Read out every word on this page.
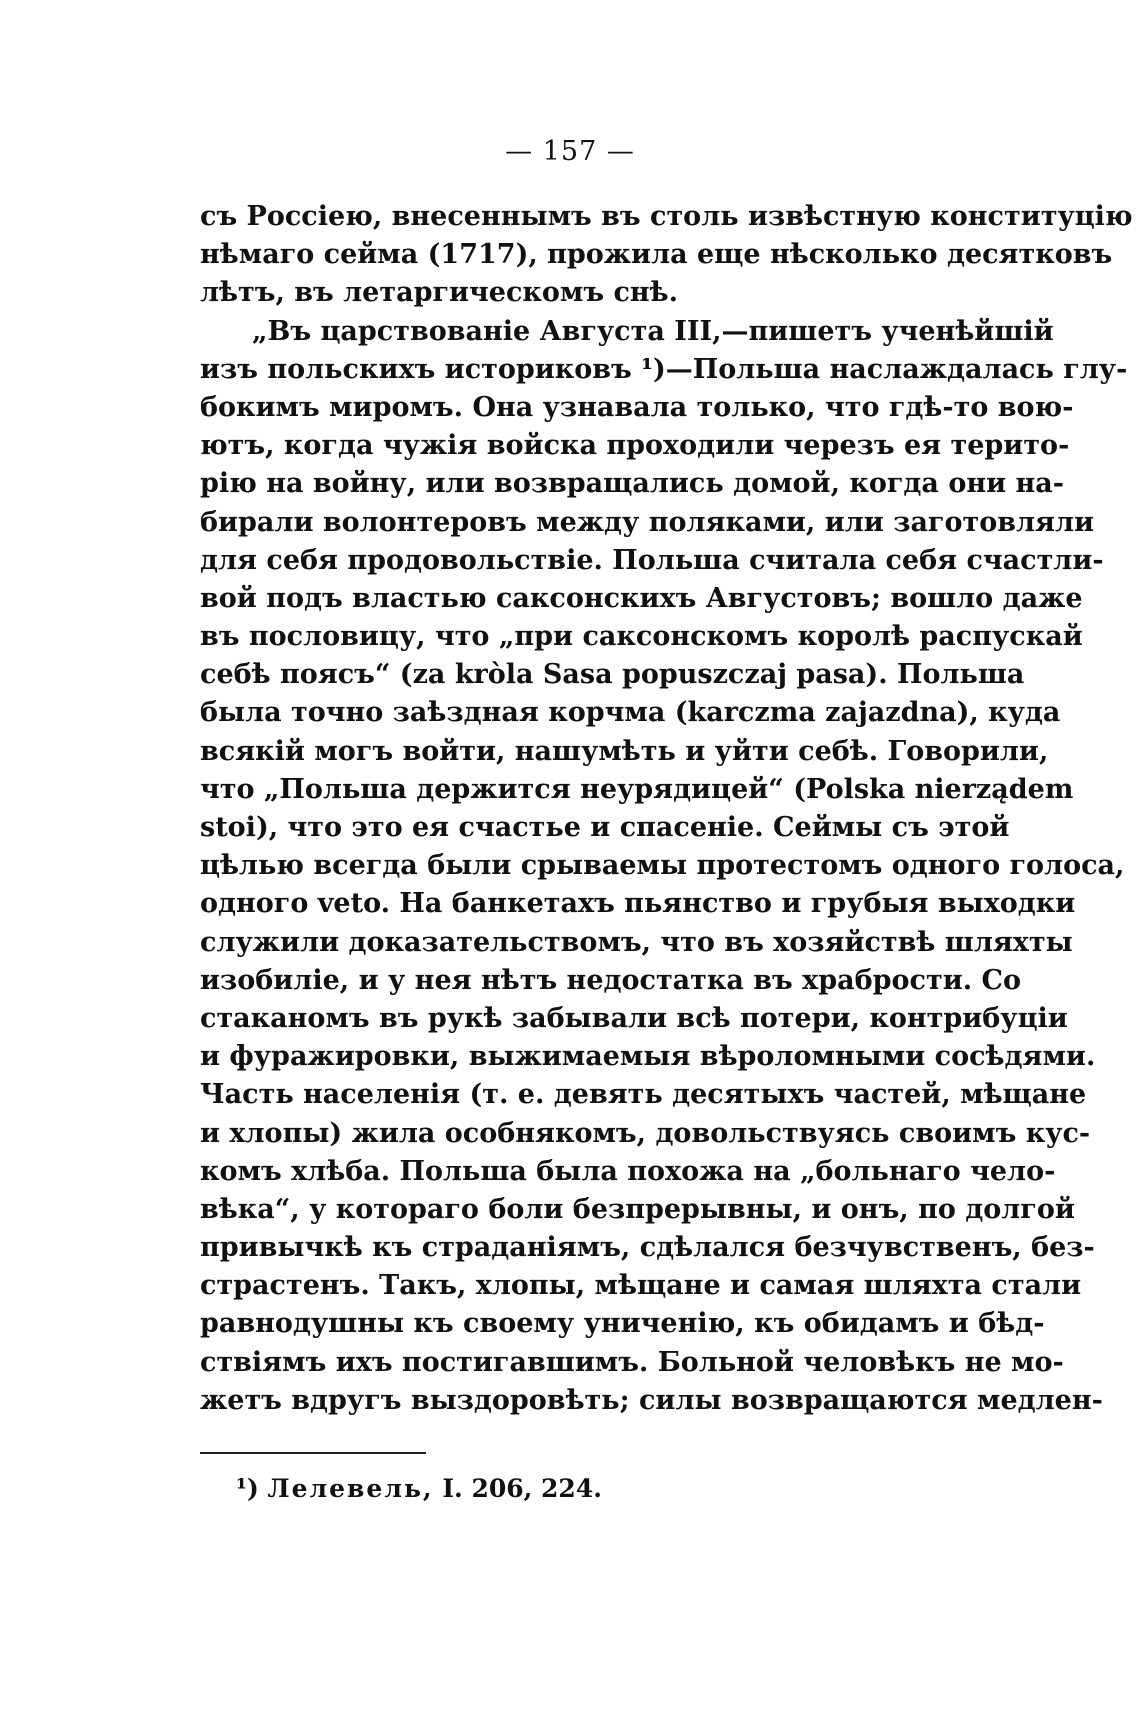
— 157 —
съ Россіею, внесеннымъ въ столь извѣстную конституцію
нѣмаго сейма (1717), прожила еще нѣсколько десятковъ
лѣтъ, въ летаргическомъ снѣ.
„Въ царствованіе Августа III,—пишетъ ученѣйшій
изъ польскихъ историковъ ¹)—Польша наслаждалась глу-
бокимъ миромъ. Она узнавала только, что гдѣ-то вою-
ютъ, когда чужія войска проходили черезъ ея терито-
рію на войну, или возвращались домой, когда они на-
бирали волонтеровъ между поляками, или заготовляли
для себя продовольствіе. Польша считала себя счастли-
вой подъ властью саксонскихъ Августовъ; вошло даже
въ пословицу, что „при саксонскомъ королѣ распускай
себѣ поясъ“ (za kròla Sasa popuszczaj pasa). Польша
была точно заѣздная корчма (karczma zajazdna), куда
всякій могъ войти, нашумѣть и уйти себѣ. Говорили,
что „Польша держится неурядицей“ (Polska nierządem
stoi), что это ея счастье и спасеніе. Сеймы съ этой
цѣлью всегда были срываемы протестомъ одного голоса,
одного veto. На банкетахъ пьянство и грубыя выходки
служили доказательствомъ, что въ хозяйствѣ шляхты
изобиліе, и у нея нѣтъ недостатка въ храбрости. Со
стаканомъ въ рукѣ забывали всѣ потери, контрибуціи
и фуражировки, выжимаемыя вѣроломными сосѣдями.
Часть населенія (т. е. девять десятыхъ частей, мѣщане
и хлопы) жила особнякомъ, довольствуясь своимъ кус-
комъ хлѣба. Польша была похожа на „больнаго чело-
вѣка“, у котораго боли безпрерывны, и онъ, по долгой
привычкѣ къ страданіямъ, сдѣлался безчувственъ, без-
страстенъ. Такъ, хлопы, мѣщане и самая шляхта стали
равнодушны къ своему униченію, къ обидамъ и бѣд-
ствіямъ ихъ постигавшимъ. Больной человѣкъ не мо-
жетъ вдругъ выздоровѣть; силы возвращаются медлен-
¹) Лелевель, I. 206, 224.
